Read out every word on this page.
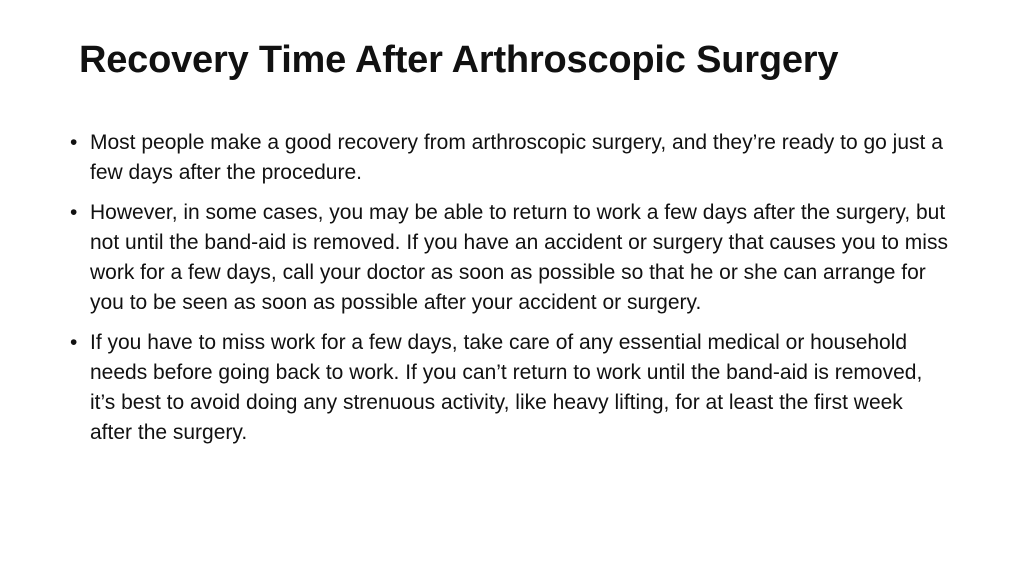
Recovery Time After Arthroscopic Surgery
• Most people make a good recovery from arthroscopic surgery, and they’re ready to go just a few days after the procedure.
• However, in some cases, you may be able to return to work a few days after the surgery, but not until the band-aid is removed. If you have an accident or surgery that causes you to miss work for a few days, call your doctor as soon as possible so that he or she can arrange for you to be seen as soon as possible after your accident or surgery.
• If you have to miss work for a few days, take care of any essential medical or household needs before going back to work. If you can’t return to work until the band-aid is removed, it’s best to avoid doing any strenuous activity, like heavy lifting, for at least the first week after the surgery.
